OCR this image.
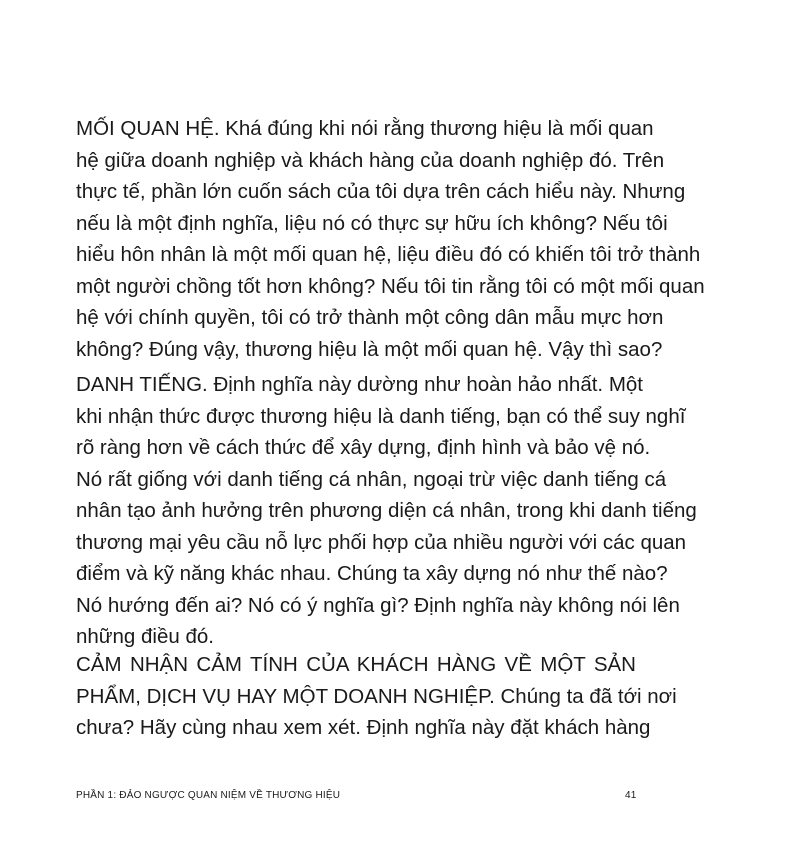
MỐI QUAN HỆ. Khá đúng khi nói rằng thương hiệu là mối quan
hệ giữa doanh nghiệp và khách hàng của doanh nghiệp đó. Trên
thực tế, phần lớn cuốn sách của tôi dựa trên cách hiểu này. Nhưng
nếu là một định nghĩa, liệu nó có thực sự hữu ích không? Nếu tôi
hiểu hôn nhân là một mối quan hệ, liệu điều đó có khiến tôi trở thành
một người chồng tốt hơn không? Nếu tôi tin rằng tôi có một mối quan
hệ với chính quyền, tôi có trở thành một công dân mẫu mực hơn
không? Đúng vậy, thương hiệu là một mối quan hệ. Vậy thì sao?
DANH TIẾNG. Định nghĩa này dường như hoàn hảo nhất. Một
khi nhận thức được thương hiệu là danh tiếng, bạn có thể suy nghĩ
rõ ràng hơn về cách thức để xây dựng, định hình và bảo vệ nó.
Nó rất giống với danh tiếng cá nhân, ngoại trừ việc danh tiếng cá
nhân tạo ảnh hưởng trên phương diện cá nhân, trong khi danh tiếng
thương mại yêu cầu nỗ lực phối hợp của nhiều người với các quan
điểm và kỹ năng khác nhau. Chúng ta xây dựng nó như thế nào?
Nó hướng đến ai? Nó có ý nghĩa gì? Định nghĩa này không nói lên
những điều đó.
CẢM NHẬN CẢM TÍNH CỦA KHÁCH HÀNG VỀ MỘT SẢN
PHẨM, DỊCH VỤ HAY MỘT DOANH NGHIỆP. Chúng ta đã tới nơi
chưa? Hãy cùng nhau xem xét. Định nghĩa này đặt khách hàng
PHẦN 1: ĐẢO NGƯỢC QUAN NIỆM VỀ THƯƠNG HIỆU	41
